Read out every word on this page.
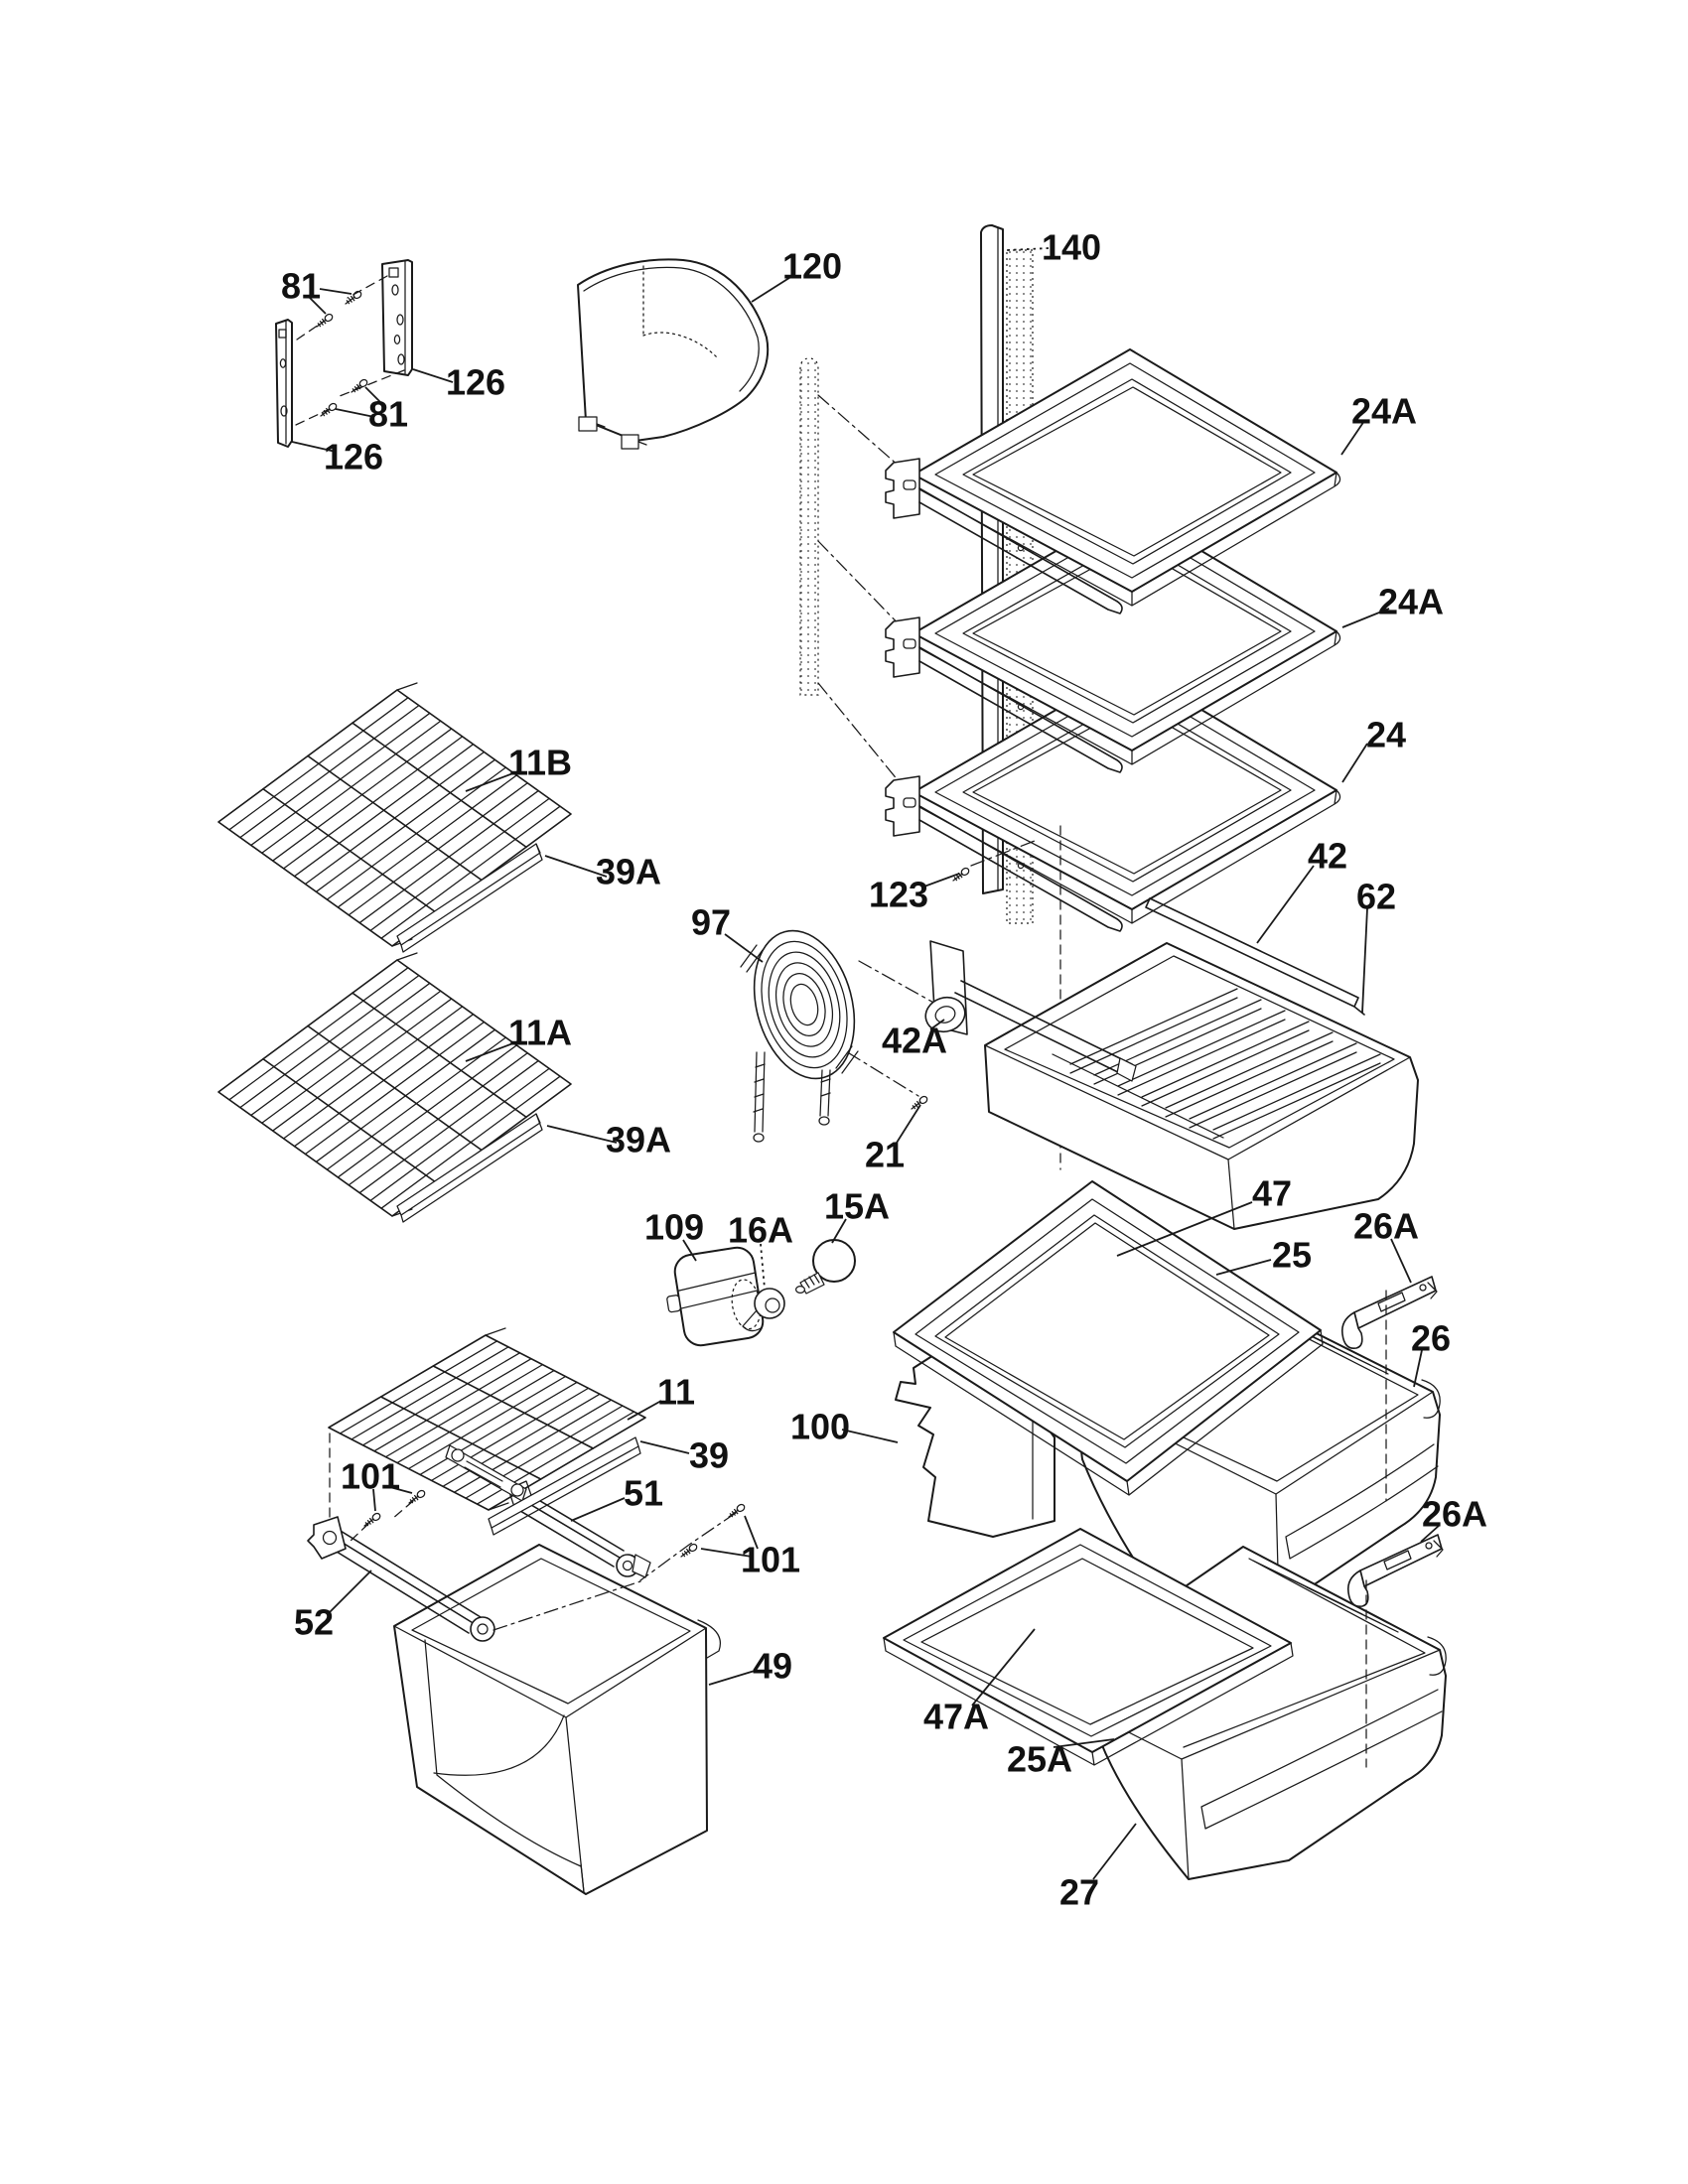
81
126
81
126
120	140
24A
24A
24
123
42
62
42A
21
97
11B
39A
11A
39A
109 16A
15A
11
100
39
51
101
101
52
49
47
25
26A
26
26A
47A
25A
27
